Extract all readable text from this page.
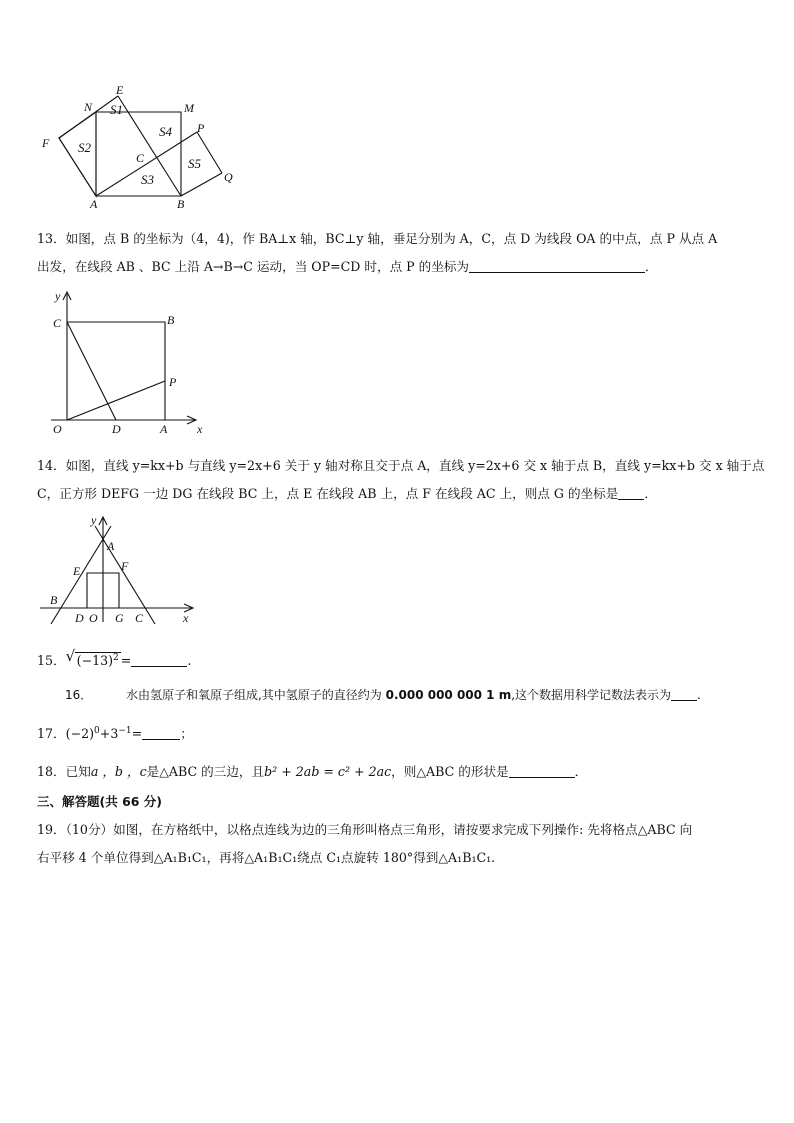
E
N	M
P
F
C
Q
A	B
S1
S2
S3
S4
S5
13．如图，点 B 的坐标为（4，4)，作 BA⊥x 轴，BC⊥y 轴，垂足分别为 A，C，点 D 为线段 OA 的中点，点 P 从点 A
出发，在线段 AB 、BC 上沿 A→B→C 运动，当 OP=CD 时，点 P 的坐标为	．
y
C	B
P
O	D	A x
14．如图，直线 y=kx+b 与直线 y=2x+6 关于 y 轴对称且交于点 A，直线 y=2x+6 交 x 轴于点 B，直线 y=kx+b 交 x 轴于点
C，正方形 DEFG 一边 DG 在线段 BC 上，点 E 在线段 AB 上，点 F 在线段 AC 上，则点 G 的坐标是 ．
y
A
E	F
B
D O G C	x
15． √ $(-13)^2$ =	.
16．	水由氢原子和氧原子组成,其中氢原子的直径约为 0.000 000 000 1 m,这个数据用科学记数法表示为 .
17．$(-2)^0+3^{-1}=$	；
18．已知a ，b ，c是△ABC 的三边，且b² + 2ab = c² + 2ac，则△ABC 的形状是	．
三、解答题(共 66 分)
19．（10分）如图，在方格纸中，以格点连线为边的三角形叫格点三角形，请按要求完成下列操作: 先将格点△ABC 向
右平移 4 个单位得到△A₁B₁C₁，再将△A₁B₁C₁绕点 C₁点旋转 180°得到△A₁B₁C₁.
